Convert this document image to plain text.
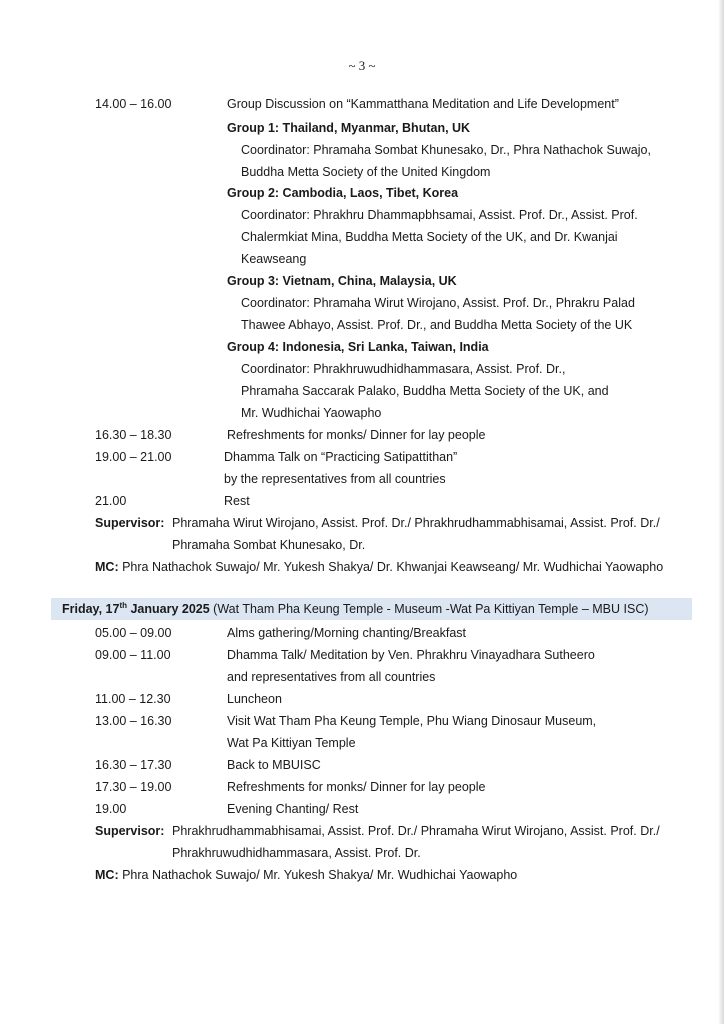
~ 3 ~
14.00 – 16.00	Group Discussion on “Kammatthana Meditation and Life Development”
Group 1: Thailand, Myanmar, Bhutan, UK
Coordinator: Phramaha Sombat Khunesako, Dr., Phra Nathachok Suwajo,
Buddha Metta Society of the United Kingdom
Group 2: Cambodia, Laos, Tibet, Korea
Coordinator: Phrakhru Dhammapbhsamai, Assist. Prof. Dr., Assist. Prof.
Chalermkiat Mina, Buddha Metta Society of the UK, and Dr. Kwanjai
Keawseang
Group 3: Vietnam, China, Malaysia, UK
Coordinator: Phramaha Wirut Wirojano, Assist. Prof. Dr., Phrakru Palad
Thawee Abhayo, Assist. Prof. Dr., and Buddha Metta Society of the UK
Group 4: Indonesia, Sri Lanka, Taiwan, India
Coordinator: Phrakhruwudhidhammasara, Assist. Prof. Dr.,
Phramaha Saccarak Palako, Buddha Metta Society of the UK, and
Mr. Wudhichai Yaowapho
16.30 – 18.30	Refreshments for monks/ Dinner for lay people
19.00 – 21.00	Dhamma Talk on “Practicing Satipattithan”
by the representatives from all countries
21.00	Rest
Supervisor: Phramaha Wirut Wirojano, Assist. Prof. Dr./ Phrakhrudhammabhisamai, Assist. Prof. Dr./
Phramaha Sombat Khunesako, Dr.
MC: Phra Nathachok Suwajo/ Mr. Yukesh Shakya/ Dr. Khwanjai Keawseang/ Mr. Wudhichai Yaowapho
Friday, 17th January 2025 (Wat Tham Pha Keung Temple - Museum -Wat Pa Kittiyan Temple – MBU ISC)
05.00 – 09.00	Alms gathering/Morning chanting/Breakfast
09.00 – 11.00	Dhamma Talk/ Meditation by Ven. Phrakhru Vinayadhara Sutheero
and representatives from all countries
11.00 – 12.30	Luncheon
13.00 – 16.30	Visit Wat Tham Pha Keung Temple, Phu Wiang Dinosaur Museum,
Wat Pa Kittiyan Temple
16.30 – 17.30	Back to MBUISC
17.30 – 19.00	Refreshments for monks/ Dinner for lay people
19.00	Evening Chanting/ Rest
Supervisor: Phrakhrudhammabhisamai, Assist. Prof. Dr./ Phramaha Wirut Wirojano, Assist. Prof. Dr./
Phrakhruwudhidhammasara, Assist. Prof. Dr.
MC: Phra Nathachok Suwajo/ Mr. Yukesh Shakya/ Mr. Wudhichai Yaowapho
